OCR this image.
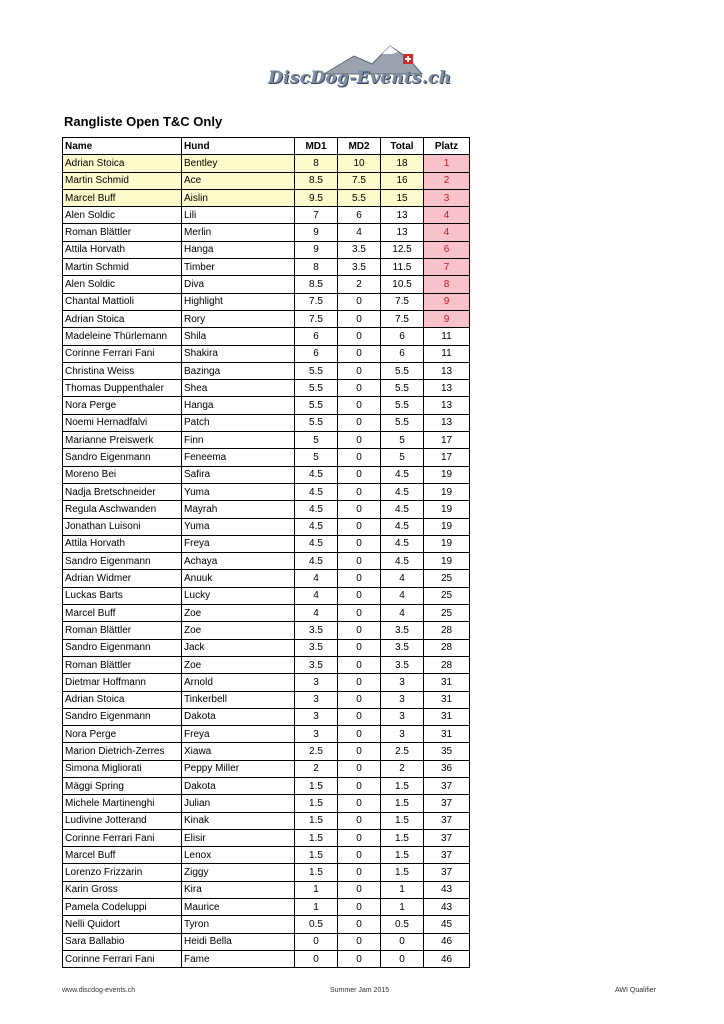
DiscDog-Events.ch
Rangliste Open T&C Only
Name	Hund	MD1	MD2	Total	Platz
Adrian Stoica	Bentley	8	10	18	1
Martin Schmid	Ace	8.5	7.5	16	2
Marcel Buff	Aislin	9.5	5.5	15	3
Alen Soldic	Lili	7	6	13	4
Roman Blättler	Merlin	9	4	13	4
Attila Horvath	Hanga	9	3.5	12.5	6
Martin Schmid	Timber	8	3.5	11.5	7
Alen Soldic	Diva	8.5	2	10.5	8
Chantal Mattioli	Highlight	7.5	0	7.5	9
Adrian Stoica	Rory	7.5	0	7.5	9
Madeleine Thürlemann	Shila	6	0	6	11
Corinne Ferrari Fani	Shakira	6	0	6	11
Christina Weiss	Bazinga	5.5	0	5.5	13
Thomas Duppenthaler	Shea	5.5	0	5.5	13
Nora Perge	Hanga	5.5	0	5.5	13
Noemi Hernadfalvi	Patch	5.5	0	5.5	13
Marianne Preiswerk	Finn	5	0	5	17
Sandro Eigenmann	Feneema	5	0	5	17
Moreno Bei	Safira	4.5	0	4.5	19
Nadja Bretschneider	Yuma	4.5	0	4.5	19
Regula Aschwanden	Mayrah	4.5	0	4.5	19
Jonathan Luisoni	Yuma	4.5	0	4.5	19
Attila Horvath	Freya	4.5	0	4.5	19
Sandro Eigenmann	Achaya	4.5	0	4.5	19
Adrian Widmer	Anuuk	4	0	4	25
Luckas Barts	Lucky	4	0	4	25
Marcel Buff	Zoe	4	0	4	25
Roman Blättler	Zoe	3.5	0	3.5	28
Sandro Eigenmann	Jack	3.5	0	3.5	28
Roman Blättler	Zoe	3.5	0	3.5	28
Dietmar Hoffmann	Arnold	3	0	3	31
Adrian Stoica	Tinkerbell	3	0	3	31
Sandro Eigenmann	Dakota	3	0	3	31
Nora Perge	Freya	3	0	3	31
Marion Dietrich-Zerres	Xiawa	2.5	0	2.5	35
Simona Migliorati	Peppy Miller	2	0	2	36
Mäggi Spring	Dakota	1.5	0	1.5	37
Michele Martinenghi	Julian	1.5	0	1.5	37
Ludivine Jotterand	Kinak	1.5	0	1.5	37
Corinne Ferrari Fani	Elisir	1.5	0	1.5	37
Marcel Buff	Lenox	1.5	0	1.5	37
Lorenzo Frizzarin	Ziggy	1.5	0	1.5	37
Karin Gross	Kira	1	0	1	43
Pamela Codeluppi	Maurice	1	0	1	43
Nelli Quidort	Tyron	0.5	0	0.5	45
Sara Ballabio	Heidi Bella	0	0	0	46
Corinne Ferrari Fani	Fame	0	0	0	46
www.discdog-events.ch	Summer Jam 2015	AWI Qualifier
